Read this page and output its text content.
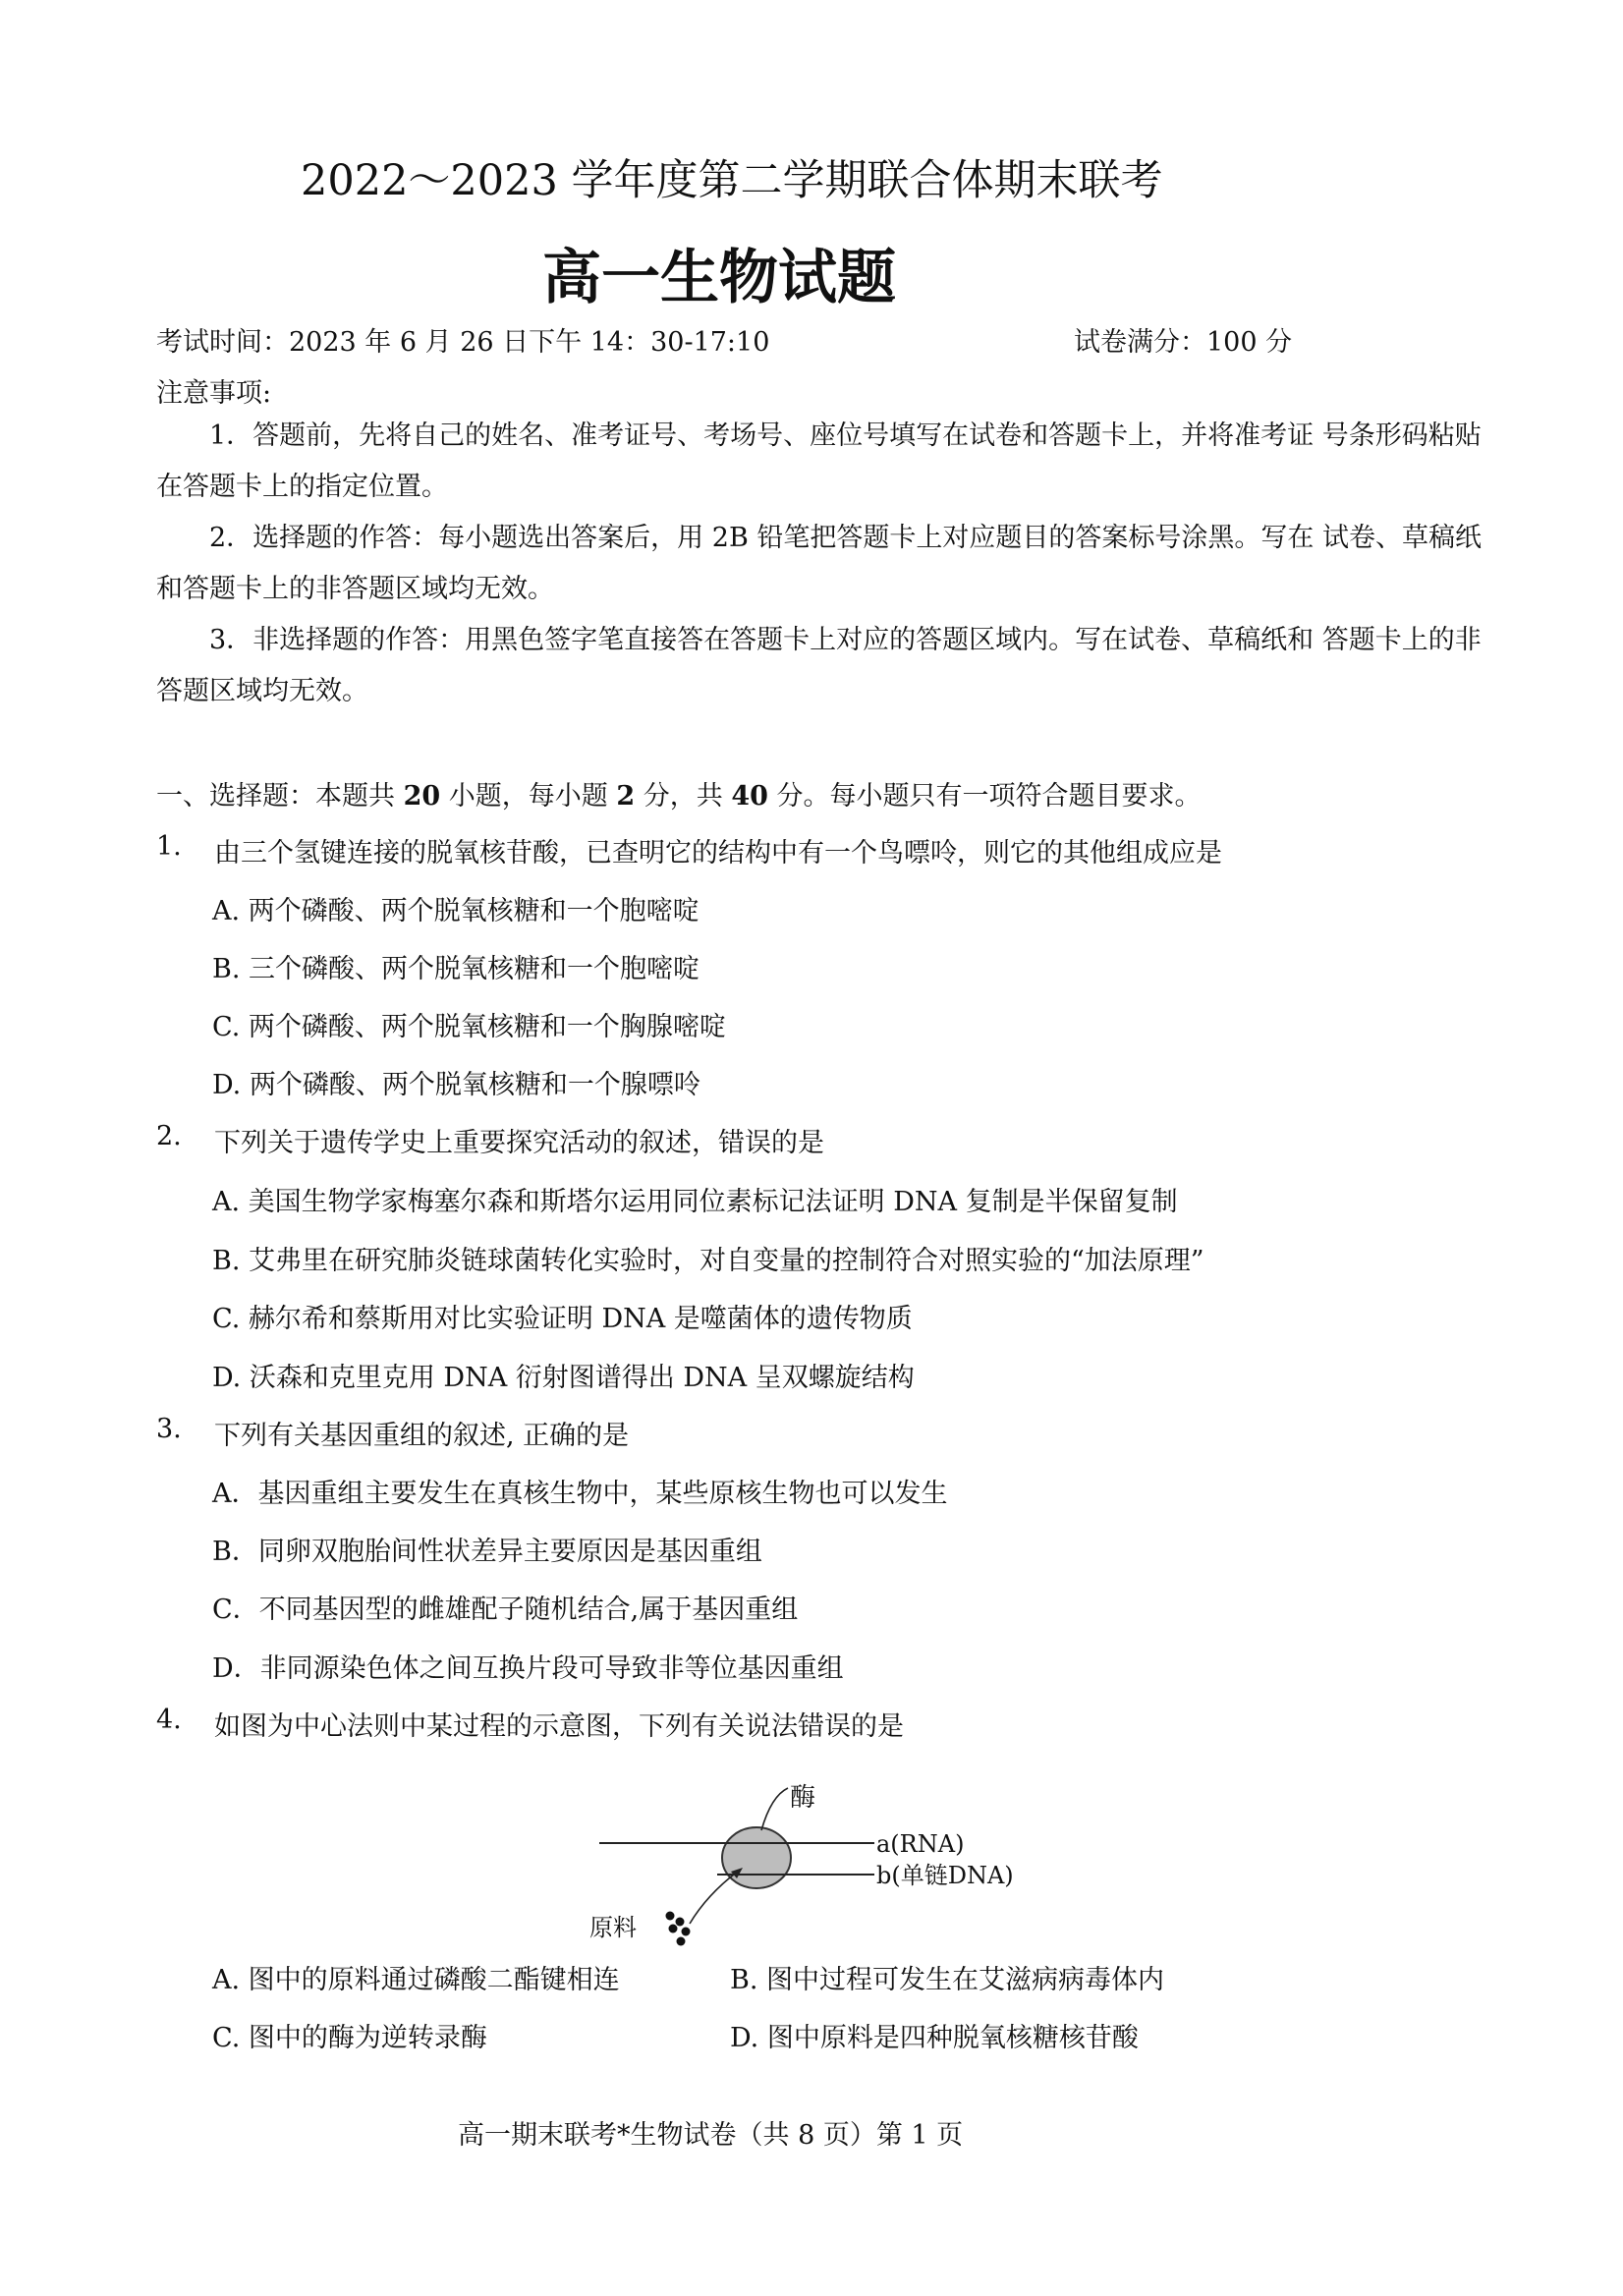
2022～2023 学年度第二学期联合体期末联考
高一生物试题
考试时间：2023 年 6 月 26 日下午 14：30-17:10	试卷满分：100 分
注意事项:
1．答题前，先将自己的姓名、准考证号、考场号、座位号填写在试卷和答题卡上，并将准考证 号条形码粘贴在答题卡上的指定位置。
2．选择题的作答：每小题选出答案后，用 2B 铅笔把答题卡上对应题目的答案标号涂黑。写在 试卷、草稿纸和答题卡上的非答题区域均无效。
3．非选择题的作答：用黑色签字笔直接答在答题卡上对应的答题区域内。写在试卷、草稿纸和 答题卡上的非答题区域均无效。
一、选择题：本题共 20 小题，每小题 2 分，共 40 分。每小题只有一项符合题目要求。
1. 由三个氢键连接的脱氧核苷酸，已查明它的结构中有一个鸟嘌呤，则它的其他组成应是
A. 两个磷酸、两个脱氧核糖和一个胞嘧啶
B. 三个磷酸、两个脱氧核糖和一个胞嘧啶
C. 两个磷酸、两个脱氧核糖和一个胸腺嘧啶
D. 两个磷酸、两个脱氧核糖和一个腺嘌呤
2. 下列关于遗传学史上重要探究活动的叙述，错误的是
A. 美国生物学家梅塞尔森和斯塔尔运用同位素标记法证明 DNA 复制是半保留复制
B. 艾弗里在研究肺炎链球菌转化实验时，对自变量的控制符合对照实验的“加法原理”
C. 赫尔希和蔡斯用对比实验证明 DNA 是噬菌体的遗传物质
D. 沃森和克里克用 DNA 衍射图谱得出 DNA 呈双螺旋结构
3. 下列有关基因重组的叙述, 正确的是
A．基因重组主要发生在真核生物中，某些原核生物也可以发生
B．同卵双胞胎间性状差异主要原因是基因重组
C．不同基因型的雌雄配子随机结合,属于基因重组
D．非同源染色体之间互换片段可导致非等位基因重组
4. 如图为中心法则中某过程的示意图，下列有关说法错误的是
酶
a(RNA)
b(单链DNA)
原料
A. 图中的原料通过磷酸二酯键相连	B. 图中过程可发生在艾滋病病毒体内
C. 图中的酶为逆转录酶	D. 图中原料是四种脱氧核糖核苷酸
高一期末联考*生物试卷（共 8 页）第 1 页
